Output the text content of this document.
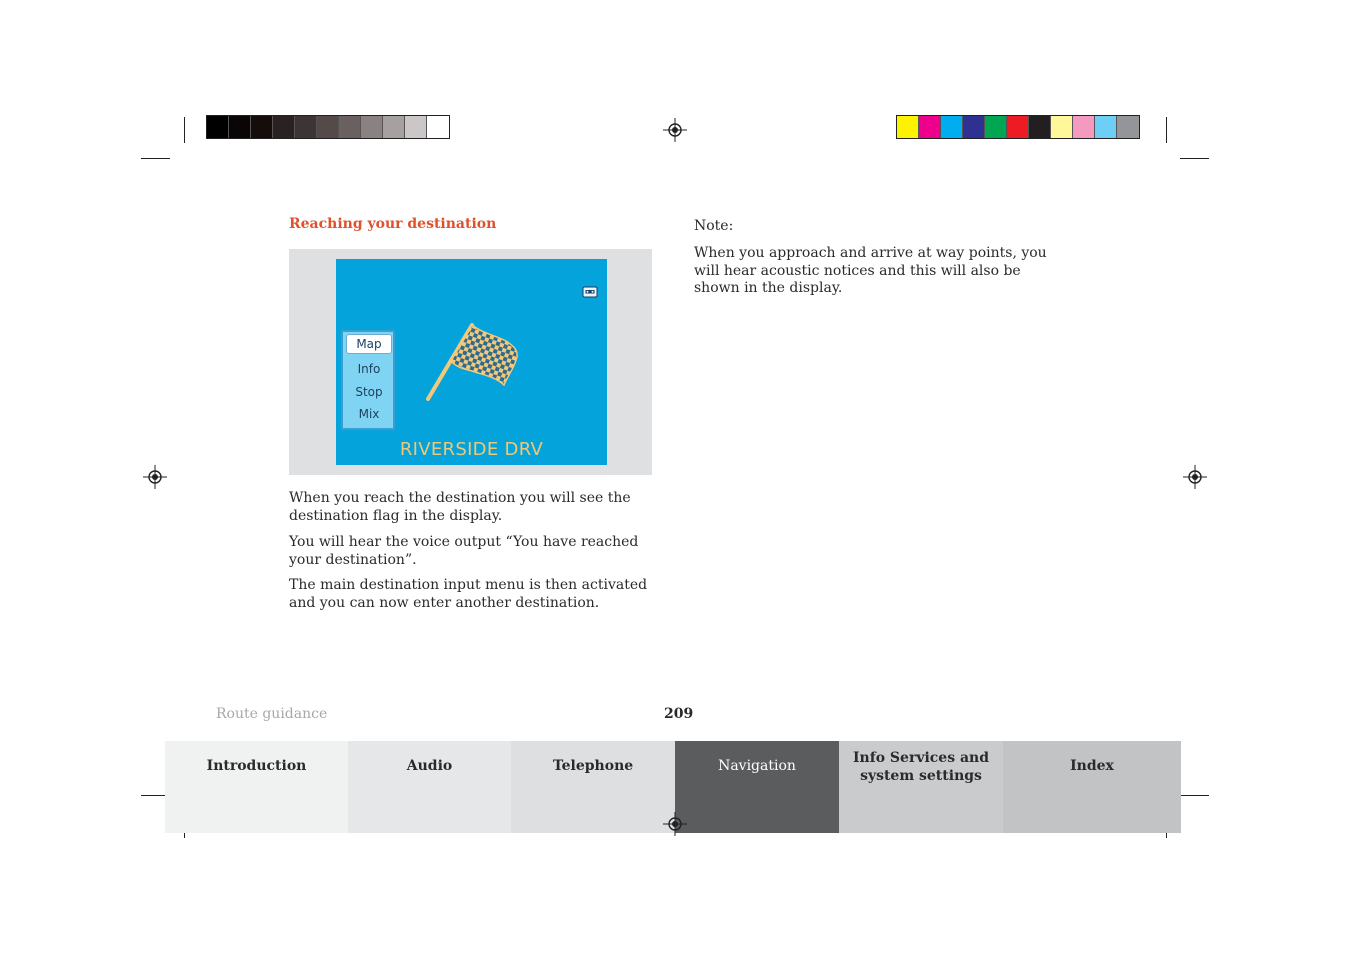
Reaching your destination
Map
Info
Stop
Mix
RIVERSIDE DRV

When you reach the destination you will see the destination flag in the display.

You will hear the voice output “You have reached your destination”.

The main destination input menu is then activated and you can now enter another destination.

Note:

When you approach and arrive at way points, you will hear acoustic notices and this will also be shown in the display.

Route guidance	209
Introduction	Audio	Telephone	Navigation	Info Services and
system settings
Index
